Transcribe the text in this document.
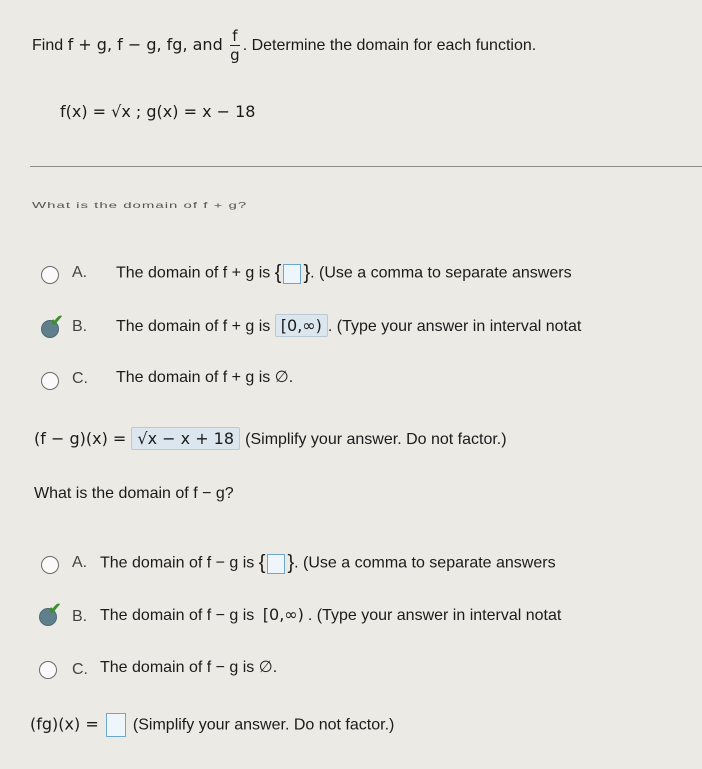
Find f + g, f − g, fg, and $\frac{f}{g}$ . Determine the domain for each function.
f(x) = √x ; g(x) = x − 18
What is the domain of f + g?
A. The domain of f + g is { }. (Use a comma to separate answers
✔ B. The domain of f + g is [0,∞) . (Type your answer in interval notat
C. The domain of f + g is ∅.
(f − g)(x) = √x − x + 18 (Simplify your answer. Do not factor.)
What is the domain of f − g?
A. The domain of f − g is { }. (Use a comma to separate answers
✔ B. The domain of f − g is [0,∞) . (Type your answer in interval notat
C. The domain of f − g is ∅.
(fg)(x) = (Simplify your answer. Do not factor.)
